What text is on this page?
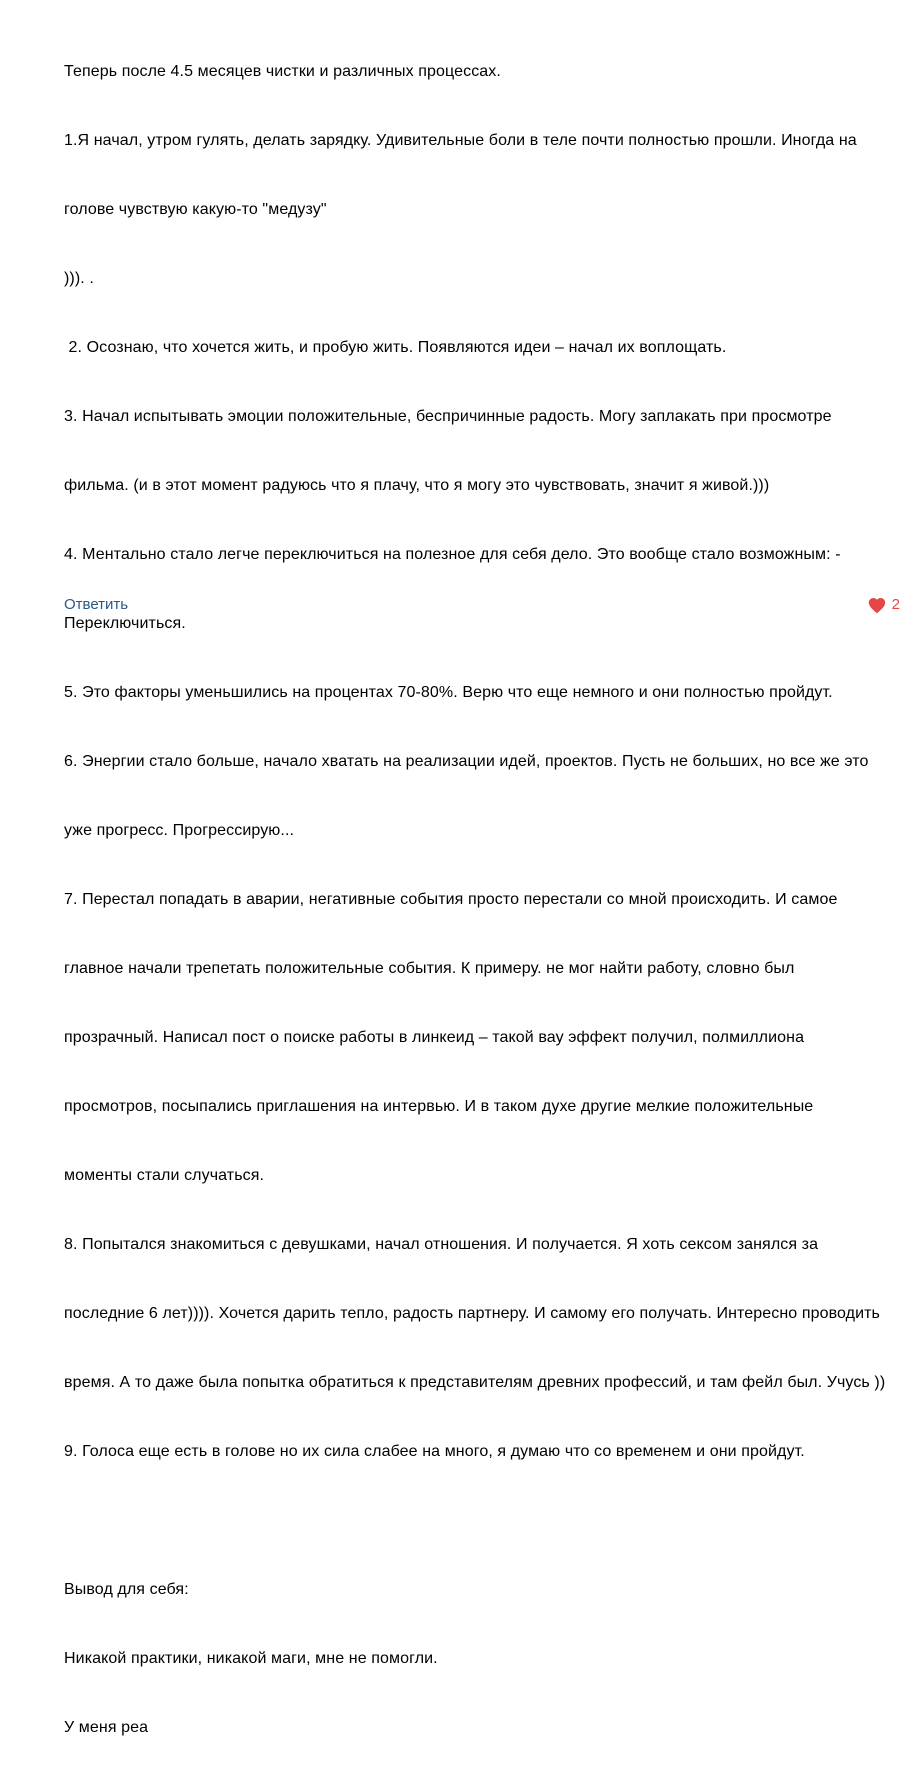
Теперь после 4.5 месяцев чистки и различных процессах.

1.Я начал, утром гулять, делать зарядку. Удивительные боли в теле почти полностью прошли. Иногда на

голове чувствую какую-то "медузу"

))). .

2. Осознаю, что хочется жить, и пробую жить. Появляются идеи – начал их воплощать.

3. Начал испытывать эмоции положительные, беспричинные радость. Могу заплакать при просмотре

фильма. (и в этот момент радуюсь что я плачу, что я могу это чувствовать, значит я живой.)))

4. Ментально стало легче переключиться на полезное для себя дело. Это вообще стало возможным: -

Переключиться.

5. Это факторы уменьшились на процентах 70-80%. Верю что еще немного и они полностью пройдут.

6. Энергии стало больше, начало хватать на реализации идей, проектов. Пусть не больших, но все же это

уже прогресс. Прогрессирую...

7. Перестал попадать в аварии, негативные события просто перестали со мной происходить. И самое

главное начали трепетать положительные события. К примеру. не мог найти работу, словно был

прозрачный. Написал пост о поиске работы в линкеид – такой вау эффект получил, полмиллиона

просмотров, посыпались приглашения на интервью. И в таком духе другие мелкие положительные

моменты стали случаться.

8. Попытался знакомиться с девушками, начал отношения. И получается. Я хоть сексом занялся за

последние 6 лет)))). Хочется дарить тепло, радость партнеру. И самому его получать. Интересно проводить

время. А то даже была попытка обратиться к представителям древних профессий, и там фейл был. Учусь ))

9. Голоса еще есть в голове но их сила слабее на много, я думаю что со временем и они пройдут.

Вывод для себя:

Никакой практики, никакой маги, мне не помогли.

У меня реа

Ответить	2
